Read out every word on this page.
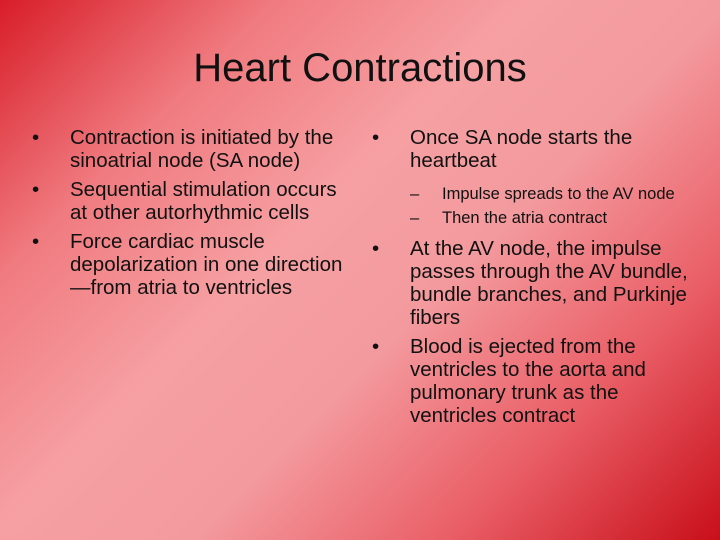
Heart Contractions
• Contraction is initiated by the sinoatrial node (SA node)
• Sequential stimulation occurs at other autorhythmic cells
• Force cardiac muscle depolarization in one direction—from atria to ventricles
• Once SA node starts the heartbeat
– Impulse spreads to the AV node
– Then the atria contract
• At the AV node, the impulse passes through the AV bundle, bundle branches, and Purkinje fibers
• Blood is ejected from the ventricles to the aorta and pulmonary trunk as the ventricles contract
